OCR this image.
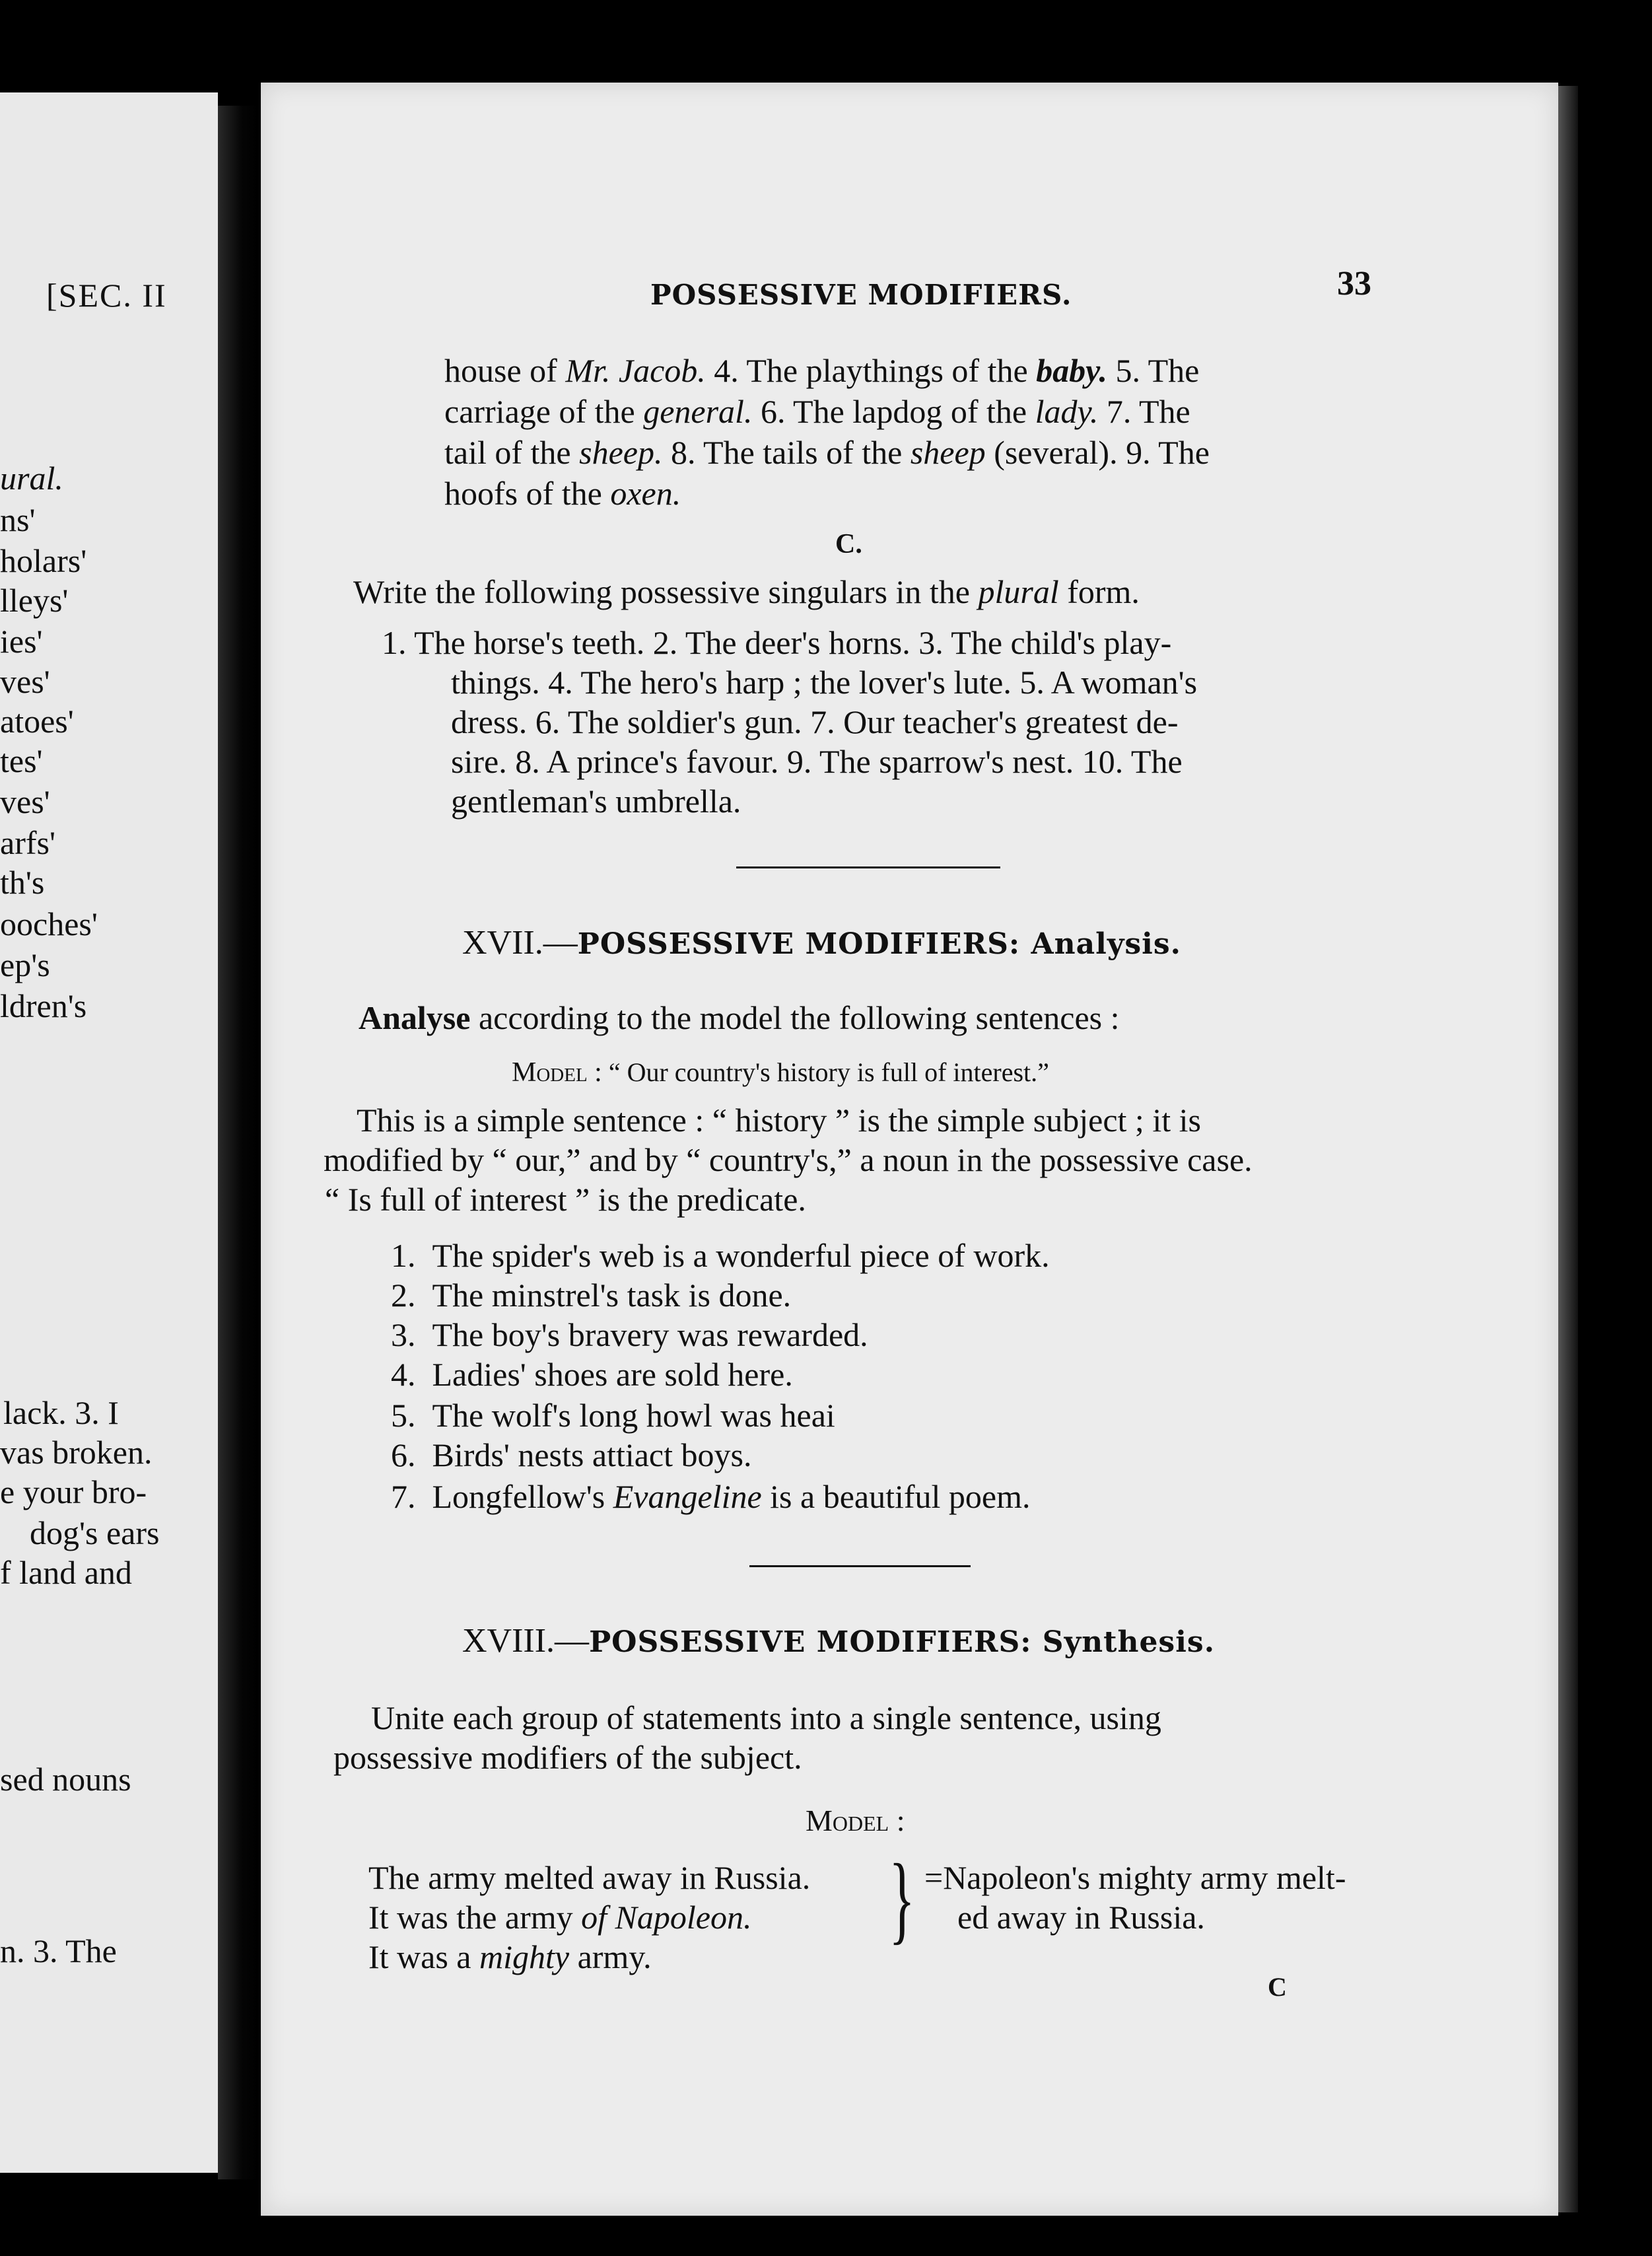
[SEC. II
ural.
ns'
holars'
lleys'
ies'
ves'
atoes'
tes'
ves'
arfs'
th's
ooches'
ep's
ldren's
lack. 3. I
vas broken.
e your bro-
dog's ears
f land and
sed nouns
n. 3. The
POSSESSIVE MODIFIERS.	33
house of Mr. Jacob. 4. The playthings of the baby. 5. The
carriage of the general. 6. The lapdog of the lady. 7. The
tail of the sheep. 8. The tails of the sheep (several). 9. The
hoofs of the oxen.
C.
Write the following possessive singulars in the plural form.
1. The horse's teeth. 2. The deer's horns. 3. The child's play-
things. 4. The hero's harp ; the lover's lute. 5. A woman's
dress. 6. The soldier's gun. 7. Our teacher's greatest de-
sire. 8. A prince's favour. 9. The sparrow's nest. 10. The
gentleman's umbrella.
XVII.—POSSESSIVE MODIFIERS: Analysis.
Analyse according to the model the following sentences :
Model : “ Our country's history is full of interest.”
This is a simple sentence : “ history ” is the simple subject ; it is
modified by “ our,” and by “ country's,” a noun in the possessive case.
“ Is full of interest ” is the predicate.
1. The spider's web is a wonderful piece of work.
2. The minstrel's task is done.
3. The boy's bravery was rewarded.
4. Ladies' shoes are sold here.
5. The wolf's long howl was heai
6. Birds' nests attiact boys.
7. Longfellow's Evangeline is a beautiful poem.
XVIII.—POSSESSIVE MODIFIERS: Synthesis.
Unite each group of statements into a single sentence, using
possessive modifiers of the subject.
Model :
The army melted away in Russia.
It was the army of Napoleon.
It was a mighty army.
} =Napoleon's mighty army melt-
ed away in Russia.
C
